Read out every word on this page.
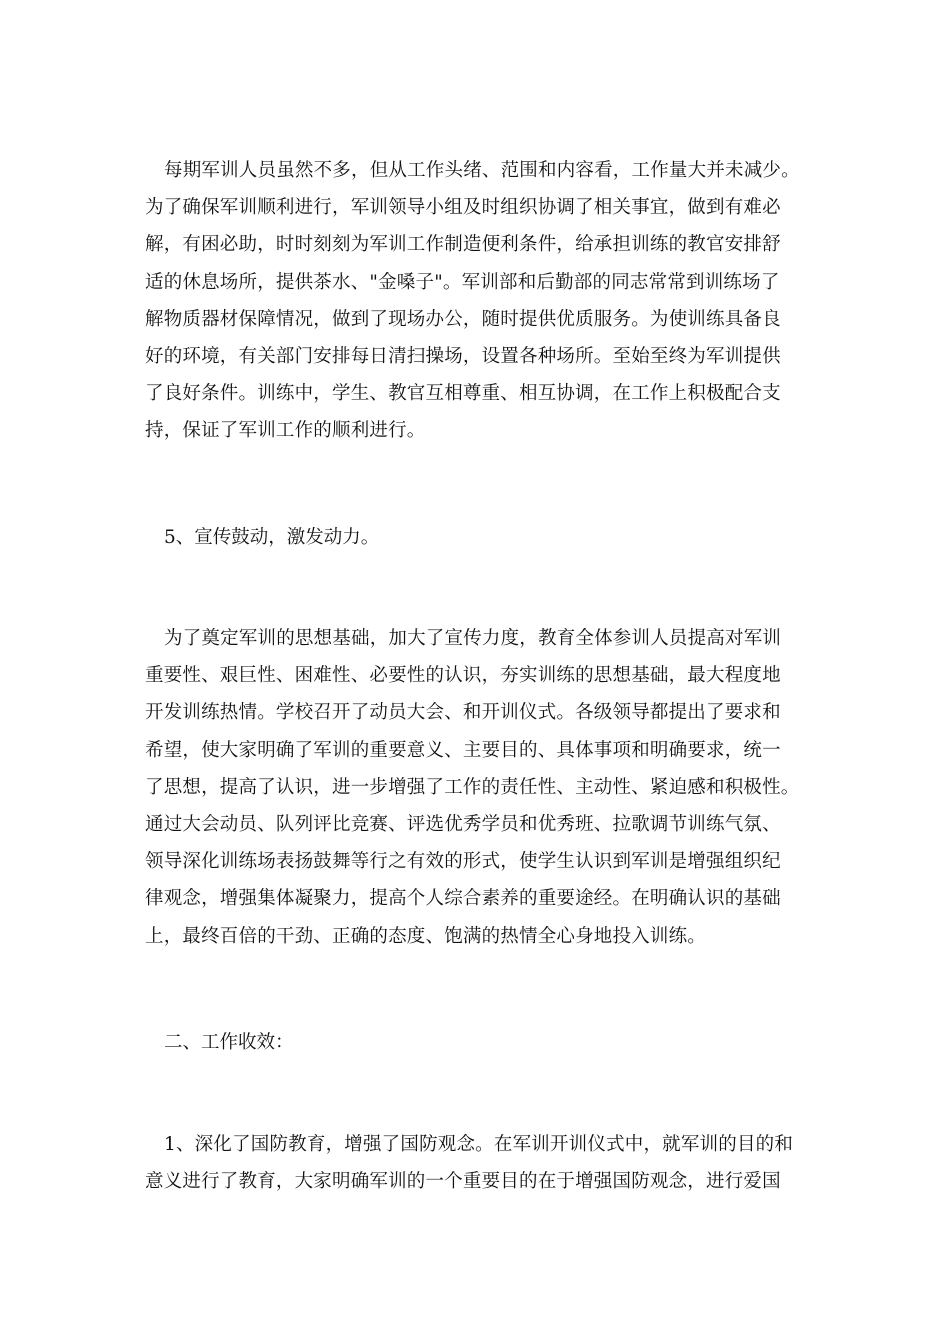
每期军训人员虽然不多，但从工作头绪、范围和内容看，工作量大并未减少。
为了确保军训顺利进行，军训领导小组及时组织协调了相关事宜，做到有难必
解，有困必助，时时刻刻为军训工作制造便利条件，给承担训练的教官安排舒
适的休息场所，提供茶水、"金嗓子"。军训部和后勤部的同志常常到训练场了
解物质器材保障情况，做到了现场办公，随时提供优质服务。为使训练具备良
好的环境，有关部门安排每日清扫操场，设置各种场所。至始至终为军训提供
了良好条件。训练中，学生、教官互相尊重、相互协调，在工作上积极配合支
持，保证了军训工作的顺利进行。
5、宣传鼓动，激发动力。
为了奠定军训的思想基础，加大了宣传力度，教育全体参训人员提高对军训
重要性、艰巨性、困难性、必要性的认识，夯实训练的思想基础，最大程度地
开发训练热情。学校召开了动员大会、和开训仪式。各级领导都提出了要求和
希望，使大家明确了军训的重要意义、主要目的、具体事项和明确要求，统一
了思想，提高了认识，进一步增强了工作的责任性、主动性、紧迫感和积极性。
通过大会动员、队列评比竞赛、评选优秀学员和优秀班、拉歌调节训练气氛、
领导深化训练场表扬鼓舞等行之有效的形式，使学生认识到军训是增强组织纪
律观念，增强集体凝聚力，提高个人综合素养的重要途经。在明确认识的基础
上，最终百倍的干劲、正确的态度、饱满的热情全心身地投入训练。
二、工作收效：
1、深化了国防教育，增强了国防观念。在军训开训仪式中，就军训的目的和
意义进行了教育，大家明确军训的一个重要目的在于增强国防观念，进行爱国
